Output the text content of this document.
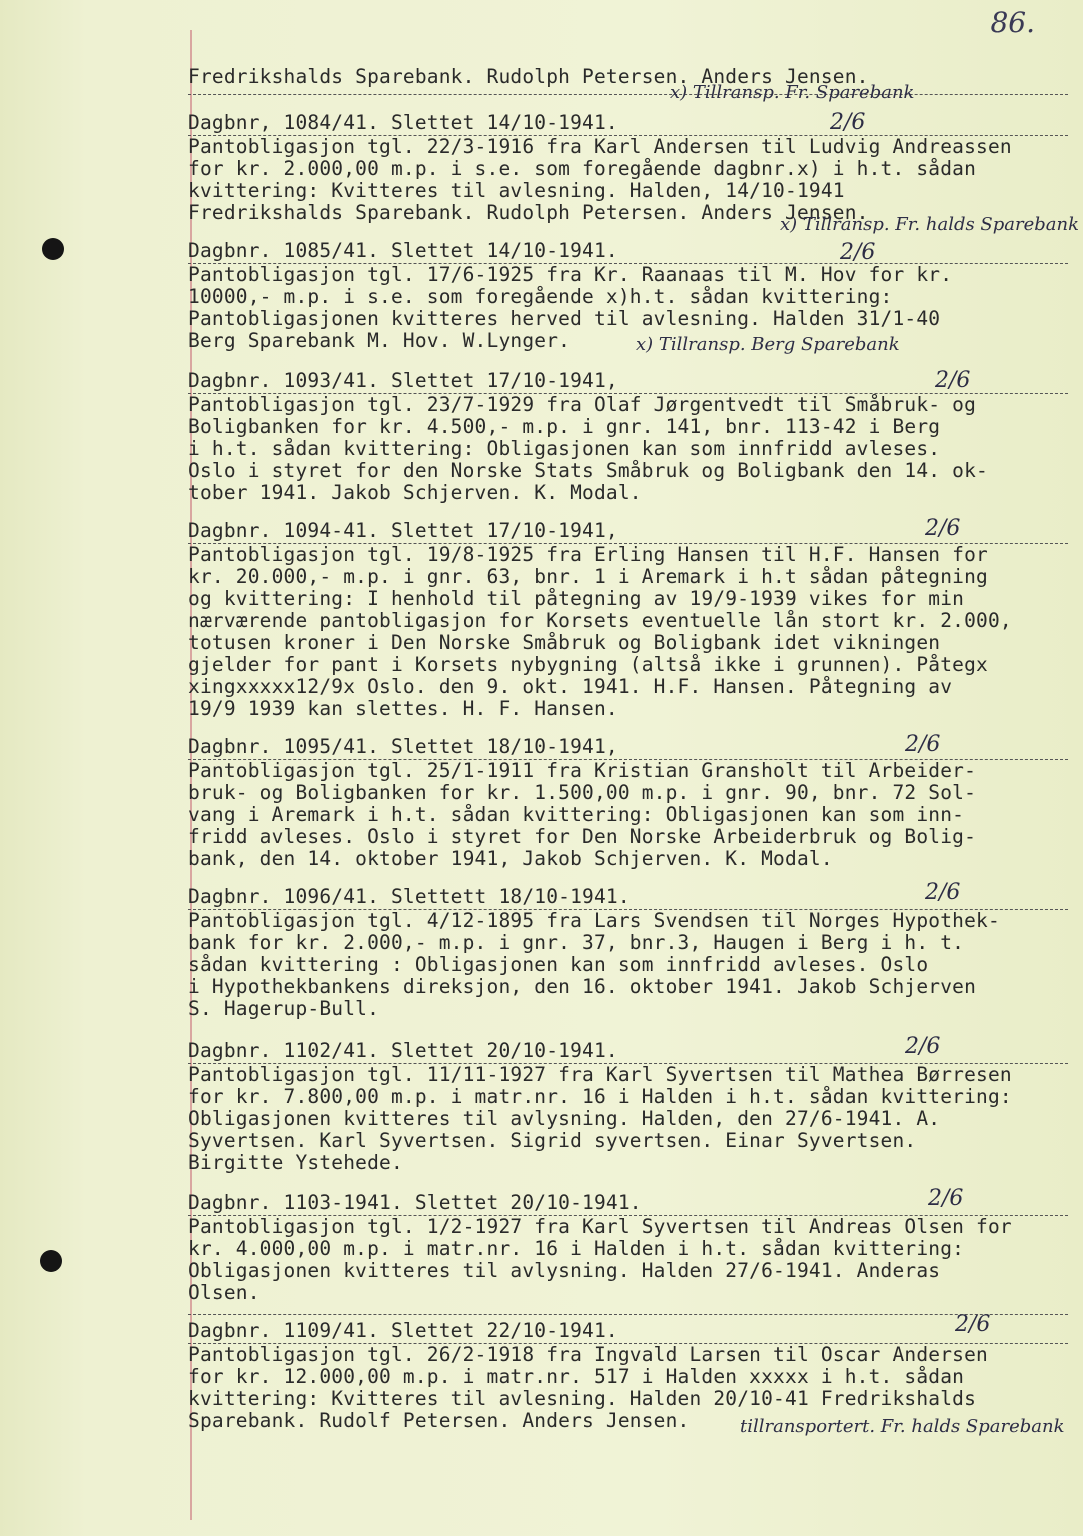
86.
Fredrikshalds Sparebank. Rudolph Petersen. Anders Jensen.
x) Tillransp. Fr. Sparebank
Dagbnr, 1084/41. Slettet 14/10-1941.
Pantobligasjon tgl. 22/3-1916 fra Karl Andersen til Ludvig Andreassen
for kr. 2.000,00 m.p. i s.e. som foregående dagbnr.x) i h.t. sådan
kvittering: Kvitteres til avlesning. Halden, 14/10-1941
Fredrikshalds Sparebank. Rudolph Petersen. Anders Jensen.
2/6
x) Tillransp. Fr. halds Sparebank
Dagbnr. 1085/41. Slettet 14/10-1941.
Pantobligasjon tgl. 17/6-1925 fra Kr. Raanaas til M. Hov for kr.
10000,- m.p. i s.e. som foregående x)h.t. sådan kvittering:
Pantobligasjonen kvitteres herved til avlesning. Halden 31/1-40
Berg Sparebank M. Hov. W.Lynger.
2/6
x) Tillransp. Berg Sparebank
Dagbnr. 1093/41. Slettet 17/10-1941,
Pantobligasjon tgl. 23/7-1929 fra Olaf Jørgentvedt til Småbruk- og
Boligbanken for kr. 4.500,- m.p. i gnr. 141, bnr. 113-42 i Berg
i h.t. sådan kvittering: Obligasjonen kan som innfridd avleses.
Oslo i styret for den Norske Stats Småbruk og Boligbank den 14. ok-
tober 1941. Jakob Schjerven. K. Modal.
2/6
Dagbnr. 1094-41. Slettet 17/10-1941,
Pantobligasjon tgl. 19/8-1925 fra Erling Hansen til H.F. Hansen for
kr. 20.000,- m.p. i gnr. 63, bnr. 1 i Aremark i h.t sådan påtegning
og kvittering: I henhold til påtegning av 19/9-1939 vikes for min
nærværende pantobligasjon for Korsets eventuelle lån stort kr. 2.000,
totusen kroner i Den Norske Småbruk og Boligbank idet vikningen
gjelder for pant i Korsets nybygning (altså ikke i grunnen). Påtegx
xingxxxxx12/9x Oslo. den 9. okt. 1941. H.F. Hansen. Påtegning av
19/9 1939 kan slettes. H. F. Hansen.
2/6
Dagbnr. 1095/41. Slettet 18/10-1941,
Pantobligasjon tgl. 25/1-1911 fra Kristian Gransholt til Arbeider-
bruk- og Boligbanken for kr. 1.500,00 m.p. i gnr. 90, bnr. 72 Sol-
vang i Aremark i h.t. sådan kvittering: Obligasjonen kan som inn-
fridd avleses. Oslo i styret for Den Norske Arbeiderbruk og Bolig-
bank, den 14. oktober 1941, Jakob Schjerven. K. Modal.
2/6
Dagbnr. 1096/41. Slettett 18/10-1941.
Pantobligasjon tgl. 4/12-1895 fra Lars Svendsen til Norges Hypothek-
bank for kr. 2.000,- m.p. i gnr. 37, bnr.3, Haugen i Berg i h. t.
sådan kvittering : Obligasjonen kan som innfridd avleses. Oslo
i Hypothekbankens direksjon, den 16. oktober 1941. Jakob Schjerven
S. Hagerup-Bull.
2/6
Dagbnr. 1102/41. Slettet 20/10-1941.
Pantobligasjon tgl. 11/11-1927 fra Karl Syvertsen til Mathea Børresen
for kr. 7.800,00 m.p. i matr.nr. 16 i Halden i h.t. sådan kvittering:
Obligasjonen kvitteres til avlysning. Halden, den 27/6-1941. A.
Syvertsen. Karl Syvertsen. Sigrid syvertsen. Einar Syvertsen.
Birgitte Ystehede.
2/6
Dagbnr. 1103-1941. Slettet 20/10-1941.
Pantobligasjon tgl. 1/2-1927 fra Karl Syvertsen til Andreas Olsen for
kr. 4.000,00 m.p. i matr.nr. 16 i Halden i h.t. sådan kvittering:
Obligasjonen kvitteres til avlysning. Halden 27/6-1941. Anderas
Olsen.
2/6
Dagbnr. 1109/41. Slettet 22/10-1941.
Pantobligasjon tgl. 26/2-1918 fra Ingvald Larsen til Oscar Andersen
for kr. 12.000,00 m.p. i matr.nr. 517 i Halden xxxxx i h.t. sådan
kvittering: Kvitteres til avlesning. Halden 20/10-41 Fredrikshalds
Sparebank. Rudolf Petersen. Anders Jensen.
2/6
tillransportert. Fr. halds Sparebank
